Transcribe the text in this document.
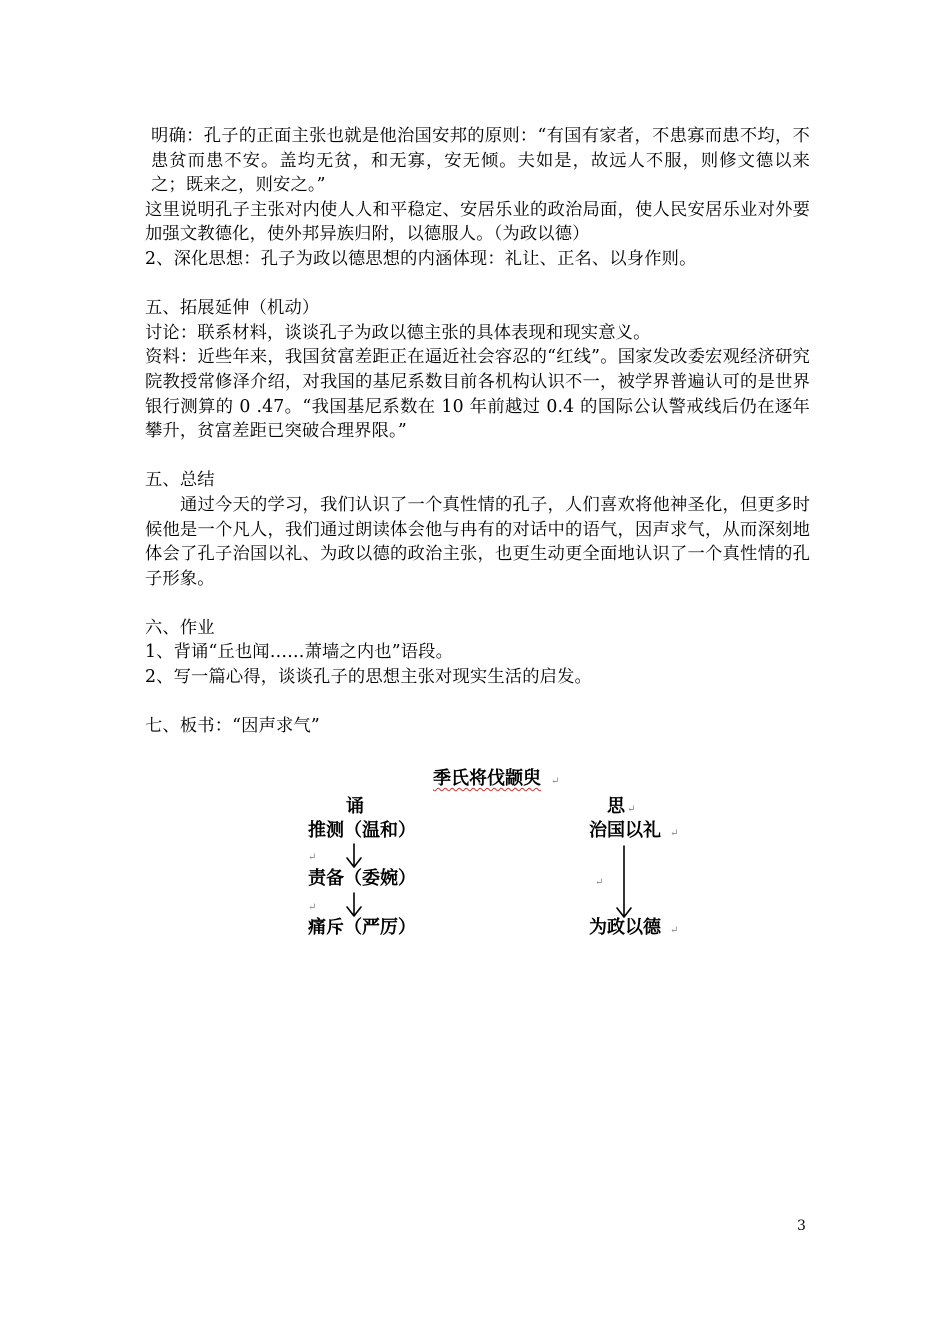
明确：孔子的正面主张也就是他治国安邦的原则：“有国有家者，不患寡而患不均，不患贫而患不安。盖均无贫，和无寡，安无倾。夫如是，故远人不服，则修文德以来之；既来之，则安之。”

这里说明孔子主张对内使人人和平稳定、安居乐业的政治局面，使人民安居乐业对外要加强文教德化，使外邦异族归附，以德服人。（为政以德）

2、深化思想：孔子为政以德思想的内涵体现：礼让、正名、以身作则。

五、拓展延伸（机动）

讨论：联系材料，谈谈孔子为政以德主张的具体表现和现实意义。

资料：近些年来，我国贫富差距正在逼近社会容忍的“红线”。国家发改委宏观经济研究院教授常修泽介绍，对我国的基尼系数目前各机构认识不一，被学界普遍认可的是世界银行测算的 0 .47。“我国基尼系数在 10 年前越过 0.4 的国际公认警戒线后仍在逐年攀升，贫富差距已突破合理界限。”

五、总结

通过今天的学习，我们认识了一个真性情的孔子，人们喜欢将他神圣化，但更多时候他是一个凡人，我们通过朗读体会他与冉有的对话中的语气，因声求气，从而深刻地体会了孔子治国以礼、为政以德的政治主张，也更生动更全面地认识了一个真性情的孔子形象。

六、作业

1、背诵“丘也闻……萧墙之内也”语段。

2、写一篇心得，谈谈孔子的思想主张对现实生活的启发。

七、板书：“因声求气”

季氏将伐颛臾 ↵
诵	思 ↵
推测（温和）	治国以礼 ↵
↵
责备（委婉）	↵
↵
痛斥（严厉）	为政以德 ↵
3
